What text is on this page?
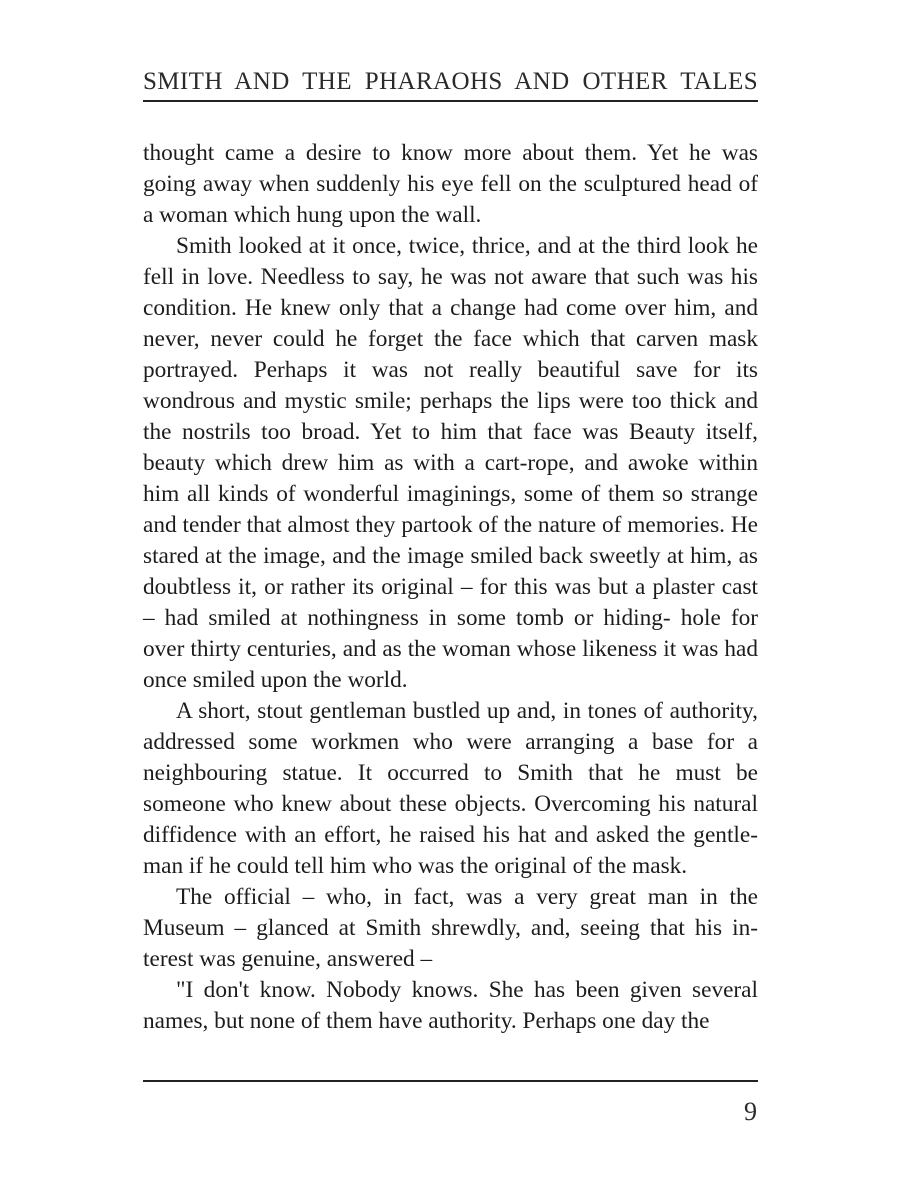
SMITH AND THE PHARAOHS AND OTHER TALES

thought came a desire to know more about them. Yet he was going away when suddenly his eye fell on the sculptured head of a woman which hung upon the wall.

Smith looked at it once, twice, thrice, and at the third look he fell in love. Needless to say, he was not aware that such was his condition. He knew only that a change had come over him, and never, never could he forget the face which that carven mask portrayed. Perhaps it was not really beautiful save for its wondrous and mystic smile; perhaps the lips were too thick and the nostrils too broad. Yet to him that face was Beauty itself, beauty which drew him as with a cart-rope, and awoke within him all kinds of wonderful imaginings, some of them so strange and tender that almost they partook of the nature of memories. He stared at the image, and the image smiled back sweetly at him, as doubtless it, or rather its original – for this was but a plaster cast – had smiled at nothingness in some tomb or hiding- hole for over thirty centuries, and as the woman whose likeness it was had once smiled upon the world.

A short, stout gentleman bustled up and, in tones of authority, addressed some workmen who were arranging a base for a neighbouring statue. It occurred to Smith that he must be someone who knew about these objects. Overcoming his natural diffidence with an effort, he raised his hat and asked the gentleman if he could tell him who was the original of the mask.

The official – who, in fact, was a very great man in the Museum – glanced at Smith shrewdly, and, seeing that his interest was genuine, answered –

"I don't know. Nobody knows. She has been given several names, but none of them have authority. Perhaps one day the

9
